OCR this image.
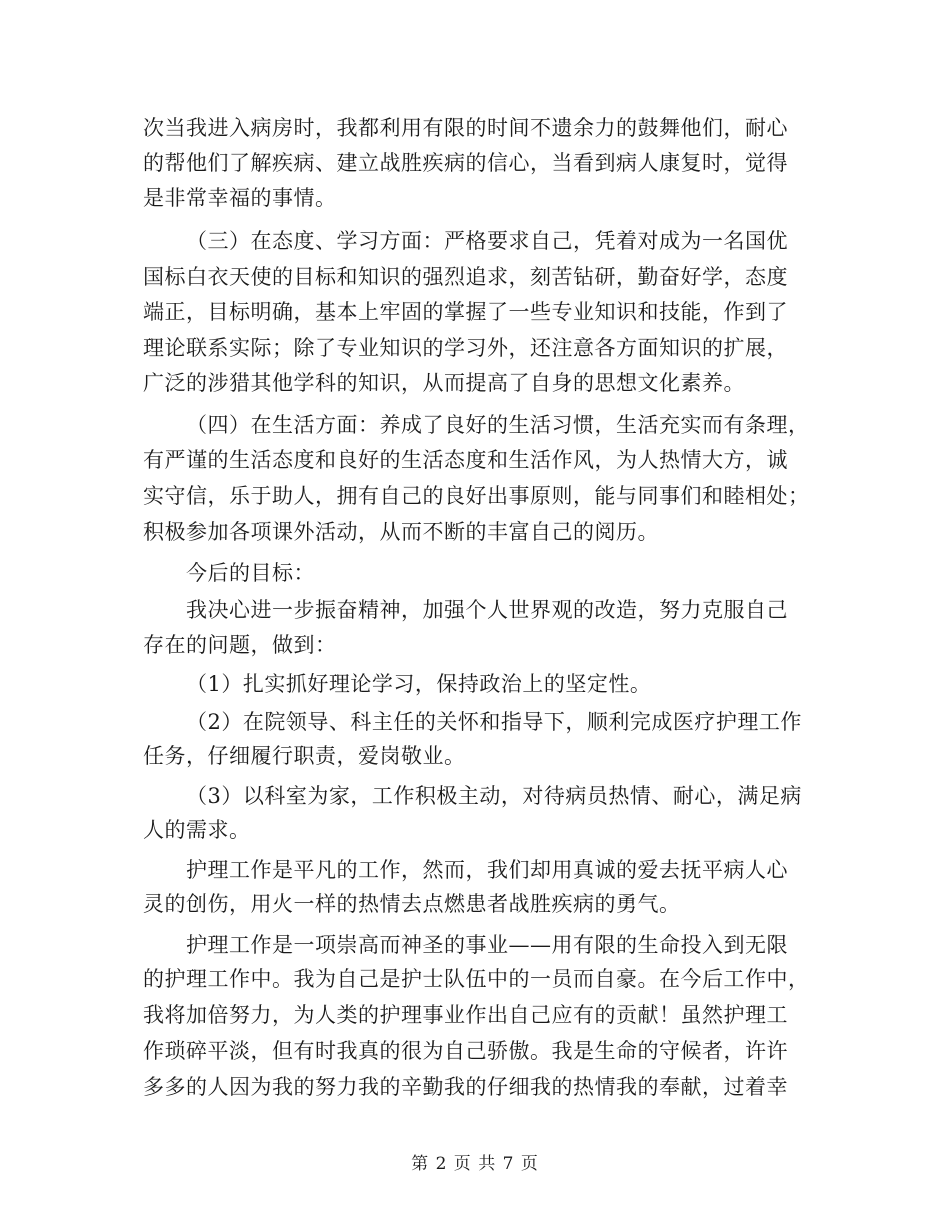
次当我进入病房时，我都利用有限的时间不遗余力的鼓舞他们，耐心
的帮他们了解疾病、建立战胜疾病的信心，当看到病人康复时，觉得
是非常幸福的事情。
（三）在态度、学习方面：严格要求自己，凭着对成为一名国优
国标白衣天使的目标和知识的强烈追求，刻苦钻研，勤奋好学，态度
端正，目标明确，基本上牢固的掌握了一些专业知识和技能，作到了
理论联系实际；除了专业知识的学习外，还注意各方面知识的扩展，
广泛的涉猎其他学科的知识，从而提高了自身的思想文化素养。
（四）在生活方面：养成了良好的生活习惯，生活充实而有条理，
有严谨的生活态度和良好的生活态度和生活作风，为人热情大方，诚
实守信，乐于助人，拥有自己的良好出事原则，能与同事们和睦相处；
积极参加各项课外活动，从而不断的丰富自己的阅历。
今后的目标：
我决心进一步振奋精神，加强个人世界观的改造，努力克服自己
存在的问题，做到：
（1）扎实抓好理论学习，保持政治上的坚定性。
（2）在院领导、科主任的关怀和指导下，顺利完成医疗护理工作
任务，仔细履行职责，爱岗敬业。
（3）以科室为家，工作积极主动，对待病员热情、耐心，满足病
人的需求。
护理工作是平凡的工作，然而，我们却用真诚的爱去抚平病人心
灵的创伤，用火一样的热情去点燃患者战胜疾病的勇气。
护理工作是一项崇高而神圣的事业——用有限的生命投入到无限
的护理工作中。我为自己是护士队伍中的一员而自豪。在今后工作中，
我将加倍努力，为人类的护理事业作出自己应有的贡献！虽然护理工
作琐碎平淡，但有时我真的很为自己骄傲。我是生命的守候者，许许
多多的人因为我的努力我的辛勤我的仔细我的热情我的奉献，过着幸
第 2 页 共 7 页
